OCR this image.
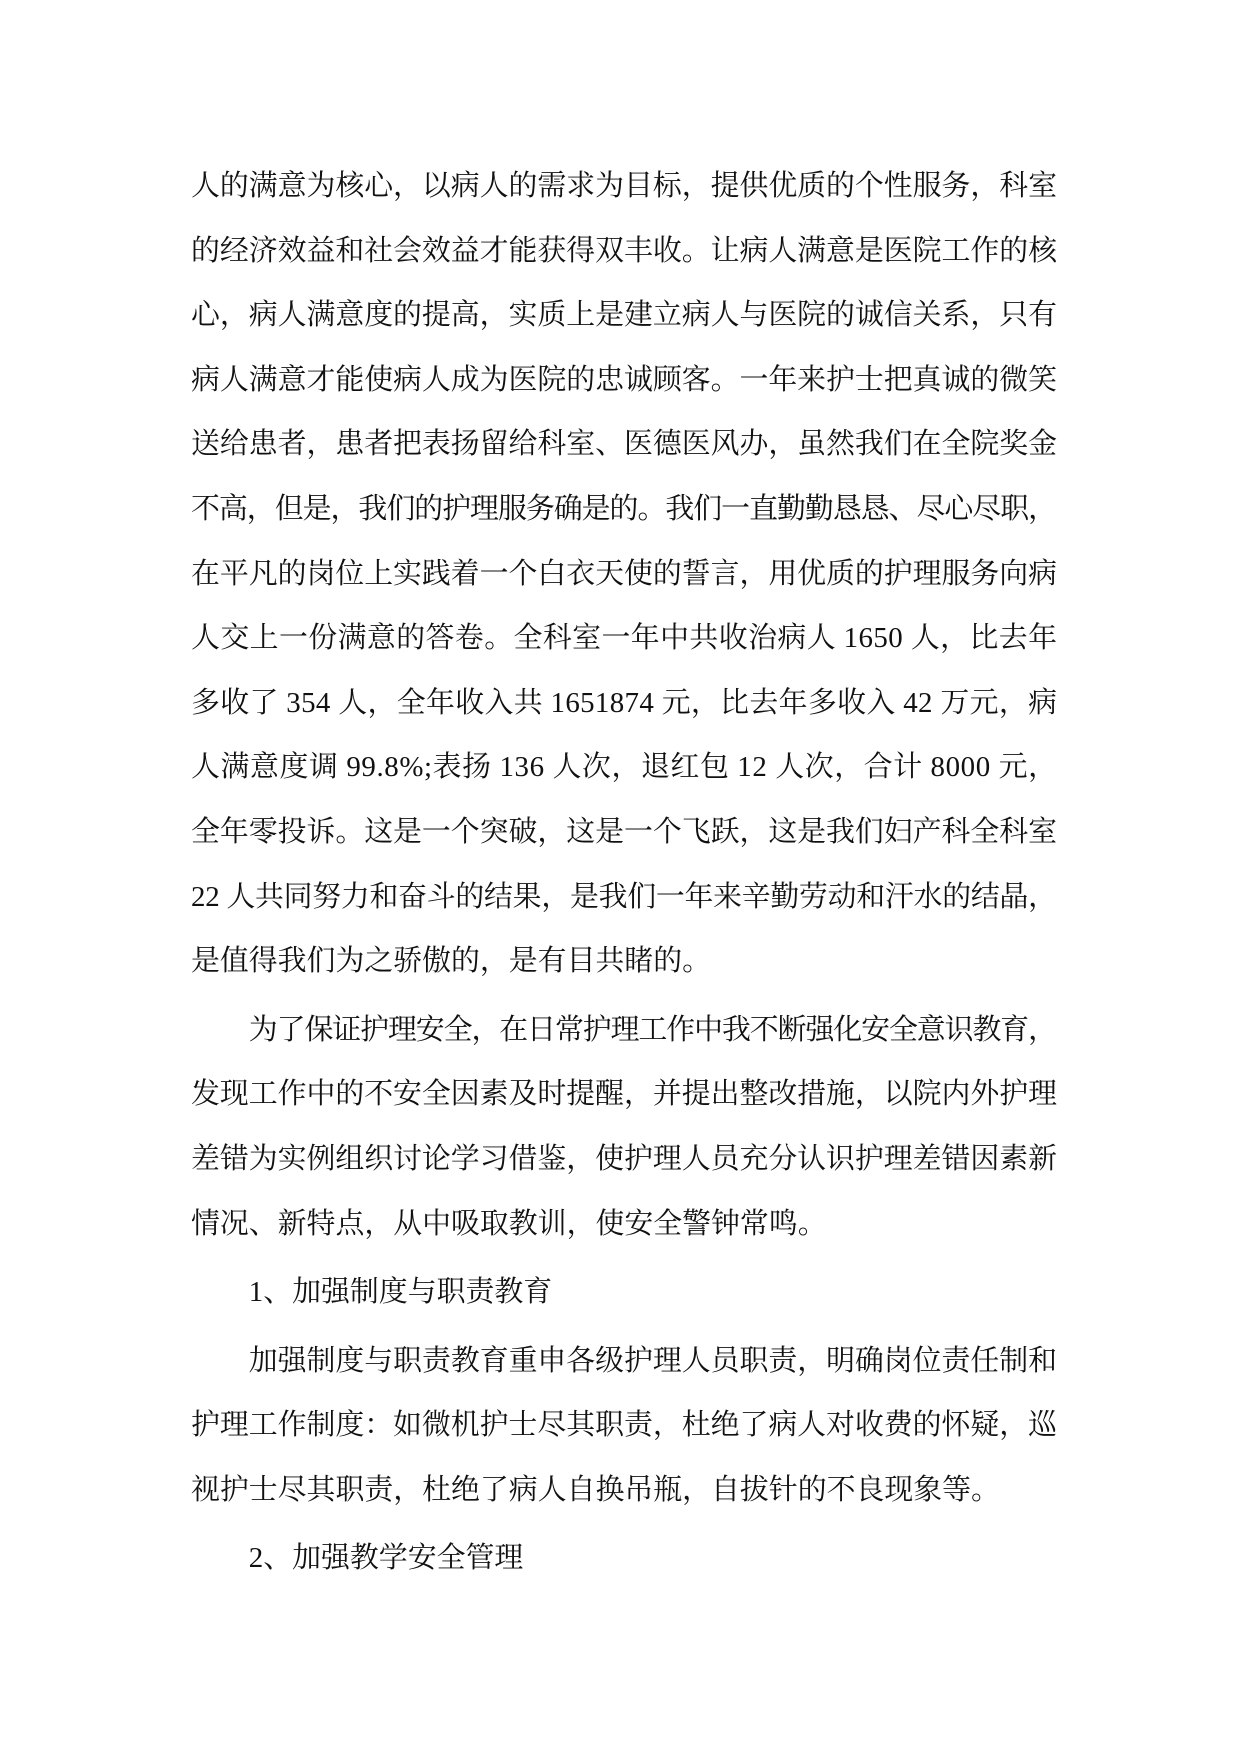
人的满意为核心，以病人的需求为目标，提供优质的个性服务，科室
的经济效益和社会效益才能获得双丰收。让病人满意是医院工作的核
心，病人满意度的提高，实质上是建立病人与医院的诚信关系，只有
病人满意才能使病人成为医院的忠诚顾客。一年来护士把真诚的微笑
送给患者，患者把表扬留给科室、医德医风办，虽然我们在全院奖金
不高，但是，我们的护理服务确是的。我们一直勤勤恳恳、尽心尽职，
在平凡的岗位上实践着一个白衣天使的誓言，用优质的护理服务向病
人交上一份满意的答卷。全科室一年中共收治病人 1650 人，比去年
多收了 354 人，全年收入共 1651874 元，比去年多收入 42 万元，病
人满意度调 99.8%;表扬 136 人次，退红包 12 人次，合计 8000 元，
全年零投诉。这是一个突破，这是一个飞跃，这是我们妇产科全科室
22 人共同努力和奋斗的结果，是我们一年来辛勤劳动和汗水的结晶，
是值得我们为之骄傲的，是有目共睹的。
为了保证护理安全，在日常护理工作中我不断强化安全意识教育，
发现工作中的不安全因素及时提醒，并提出整改措施，以院内外护理
差错为实例组织讨论学习借鉴，使护理人员充分认识护理差错因素新
情况、新特点，从中吸取教训，使安全警钟常鸣。
1、加强制度与职责教育
加强制度与职责教育重申各级护理人员职责，明确岗位责任制和
护理工作制度：如微机护士尽其职责，杜绝了病人对收费的怀疑，巡
视护士尽其职责，杜绝了病人自换吊瓶，自拔针的不良现象等。
2、加强教学安全管理
